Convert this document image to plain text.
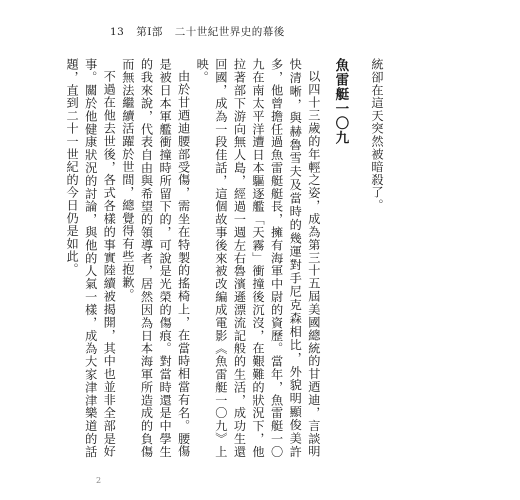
13 第Ⅰ部 二十世紀世界史的幕後

統卻在這天突然被暗殺了。

魚雷艇一〇九

以四十三歲的年輕之姿，成為第三十五屆美國總統的甘迺迪，言談明快清晰，與赫魯雪夫及當時的幾運對手尼克森相比，外貌明顯俊美許多，他曾擔任過魚雷艇艇長，擁有海軍中尉的資歷。當年，魚雷艇一〇九在南太平洋遭日本驅逐艦「天霧」衝撞後沉沒，在艱難的狀況下，他拉著部下游向無人島，經過一週左右魯濱遜漂流記般的生活，成功生還回國，成為一段佳話，這個故事後來被改編成電影《魚雷艇一〇九》上映。

由於甘迺迪腰部受傷，需坐在特製的搖椅上，在當時相當有名。腰傷是被日本軍艦衝撞時所留下的，可說是光榮的傷痕。對當時還是中學生的我來說，代表自由與希望的領導者，居然因為日本海軍所造成的負傷而無法繼續活躍於世間，總覺得有些抱歉。

不過在他去世後，各式各樣的事實陸續被揭開，其中也並非全部是好事。關於他健康狀況的討論，與他的人氣一樣，成為大家津津樂道的話題，直到二十一世紀的今日仍是如此。

2
